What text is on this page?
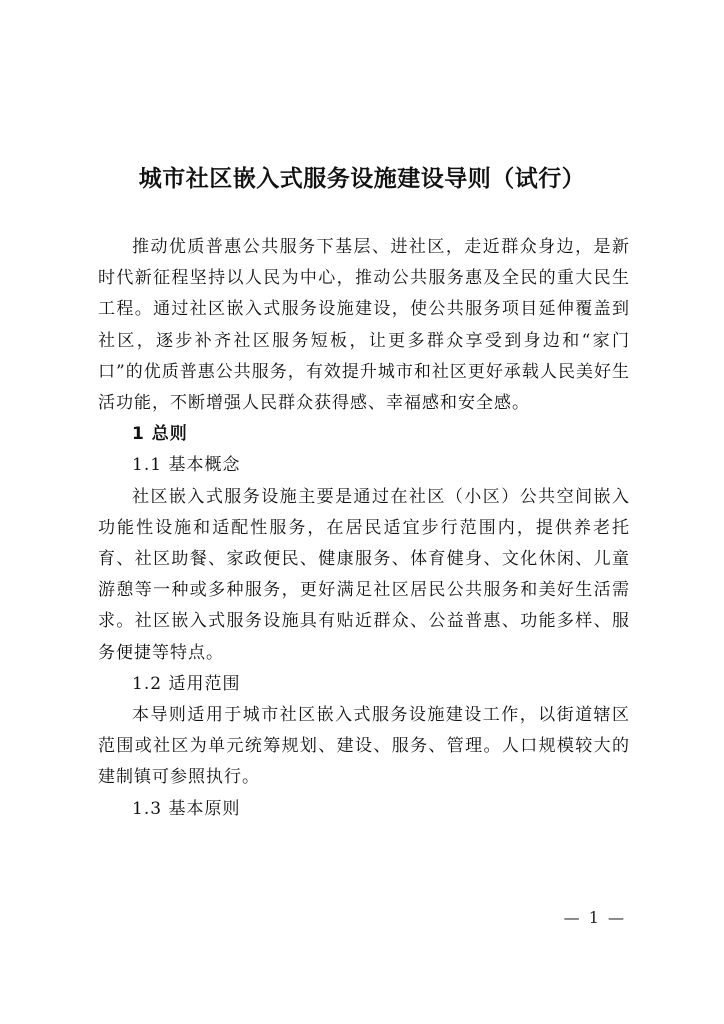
城市社区嵌入式服务设施建设导则（试行）

推动优质普惠公共服务下基层、进社区，走近群众身边，是新时代新征程坚持以人民为中心，推动公共服务惠及全民的重大民生工程。通过社区嵌入式服务设施建设，使公共服务项目延伸覆盖到社区，逐步补齐社区服务短板，让更多群众享受到身边和“家门口”的优质普惠公共服务，有效提升城市和社区更好承载人民美好生活功能，不断增强人民群众获得感、幸福感和安全感。

1 总则

1.1 基本概念

社区嵌入式服务设施主要是通过在社区（小区）公共空间嵌入功能性设施和适配性服务，在居民适宜步行范围内，提供养老托育、社区助餐、家政便民、健康服务、体育健身、文化休闲、儿童游憩等一种或多种服务，更好满足社区居民公共服务和美好生活需求。社区嵌入式服务设施具有贴近群众、公益普惠、功能多样、服务便捷等特点。

1.2 适用范围

本导则适用于城市社区嵌入式服务设施建设工作，以街道辖区范围或社区为单元统筹规划、建设、服务、管理。人口规模较大的建制镇可参照执行。

1.3 基本原则

— 1 —
